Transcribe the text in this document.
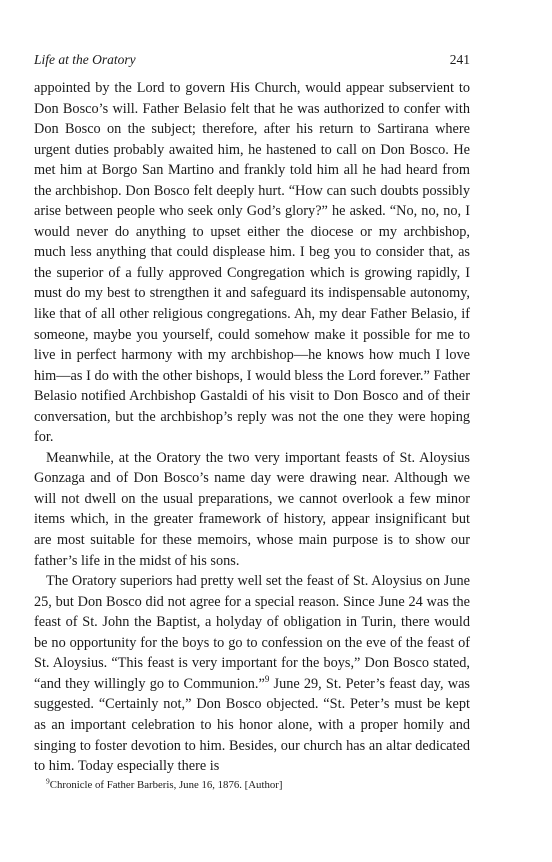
Life at the Oratory	241

appointed by the Lord to govern His Church, would appear subservient to Don Bosco’s will. Father Belasio felt that he was authorized to confer with Don Bosco on the subject; therefore, after his return to Sartirana where urgent duties probably awaited him, he hastened to call on Don Bosco. He met him at Borgo San Martino and frankly told him all he had heard from the archbishop. Don Bosco felt deeply hurt. “How can such doubts possibly arise between people who seek only God’s glory?” he asked. “No, no, no, I would never do anything to upset either the diocese or my archbishop, much less anything that could displease him. I beg you to consider that, as the superior of a fully approved Congregation which is growing rapidly, I must do my best to strengthen it and safeguard its indispensable autonomy, like that of all other religious congregations. Ah, my dear Father Belasio, if someone, maybe you yourself, could somehow make it possible for me to live in perfect harmony with my archbishop—he knows how much I love him—as I do with the other bishops, I would bless the Lord forever.” Father Belasio notified Archbishop Gastaldi of his visit to Don Bosco and of their conversation, but the archbishop’s reply was not the one they were hoping for.

Meanwhile, at the Oratory the two very important feasts of St. Aloysius Gonzaga and of Don Bosco’s name day were drawing near. Although we will not dwell on the usual preparations, we cannot overlook a few minor items which, in the greater framework of history, appear insignificant but are most suitable for these memoirs, whose main purpose is to show our father’s life in the midst of his sons.

The Oratory superiors had pretty well set the feast of St. Aloysius on June 25, but Don Bosco did not agree for a special reason. Since June 24 was the feast of St. John the Baptist, a holyday of obligation in Turin, there would be no opportunity for the boys to go to confession on the eve of the feast of St. Aloysius. “This feast is very important for the boys,” Don Bosco stated, “and they willingly go to Communion.”$^9$ June 29, St. Peter’s feast day, was suggested. “Certainly not,” Don Bosco objected. “St. Peter’s must be kept as an important celebration to his honor alone, with a proper homily and singing to foster devotion to him. Besides, our church has an altar dedicated to him. Today especially there is

$^9$Chronicle of Father Barberis, June 16, 1876. [Author]
